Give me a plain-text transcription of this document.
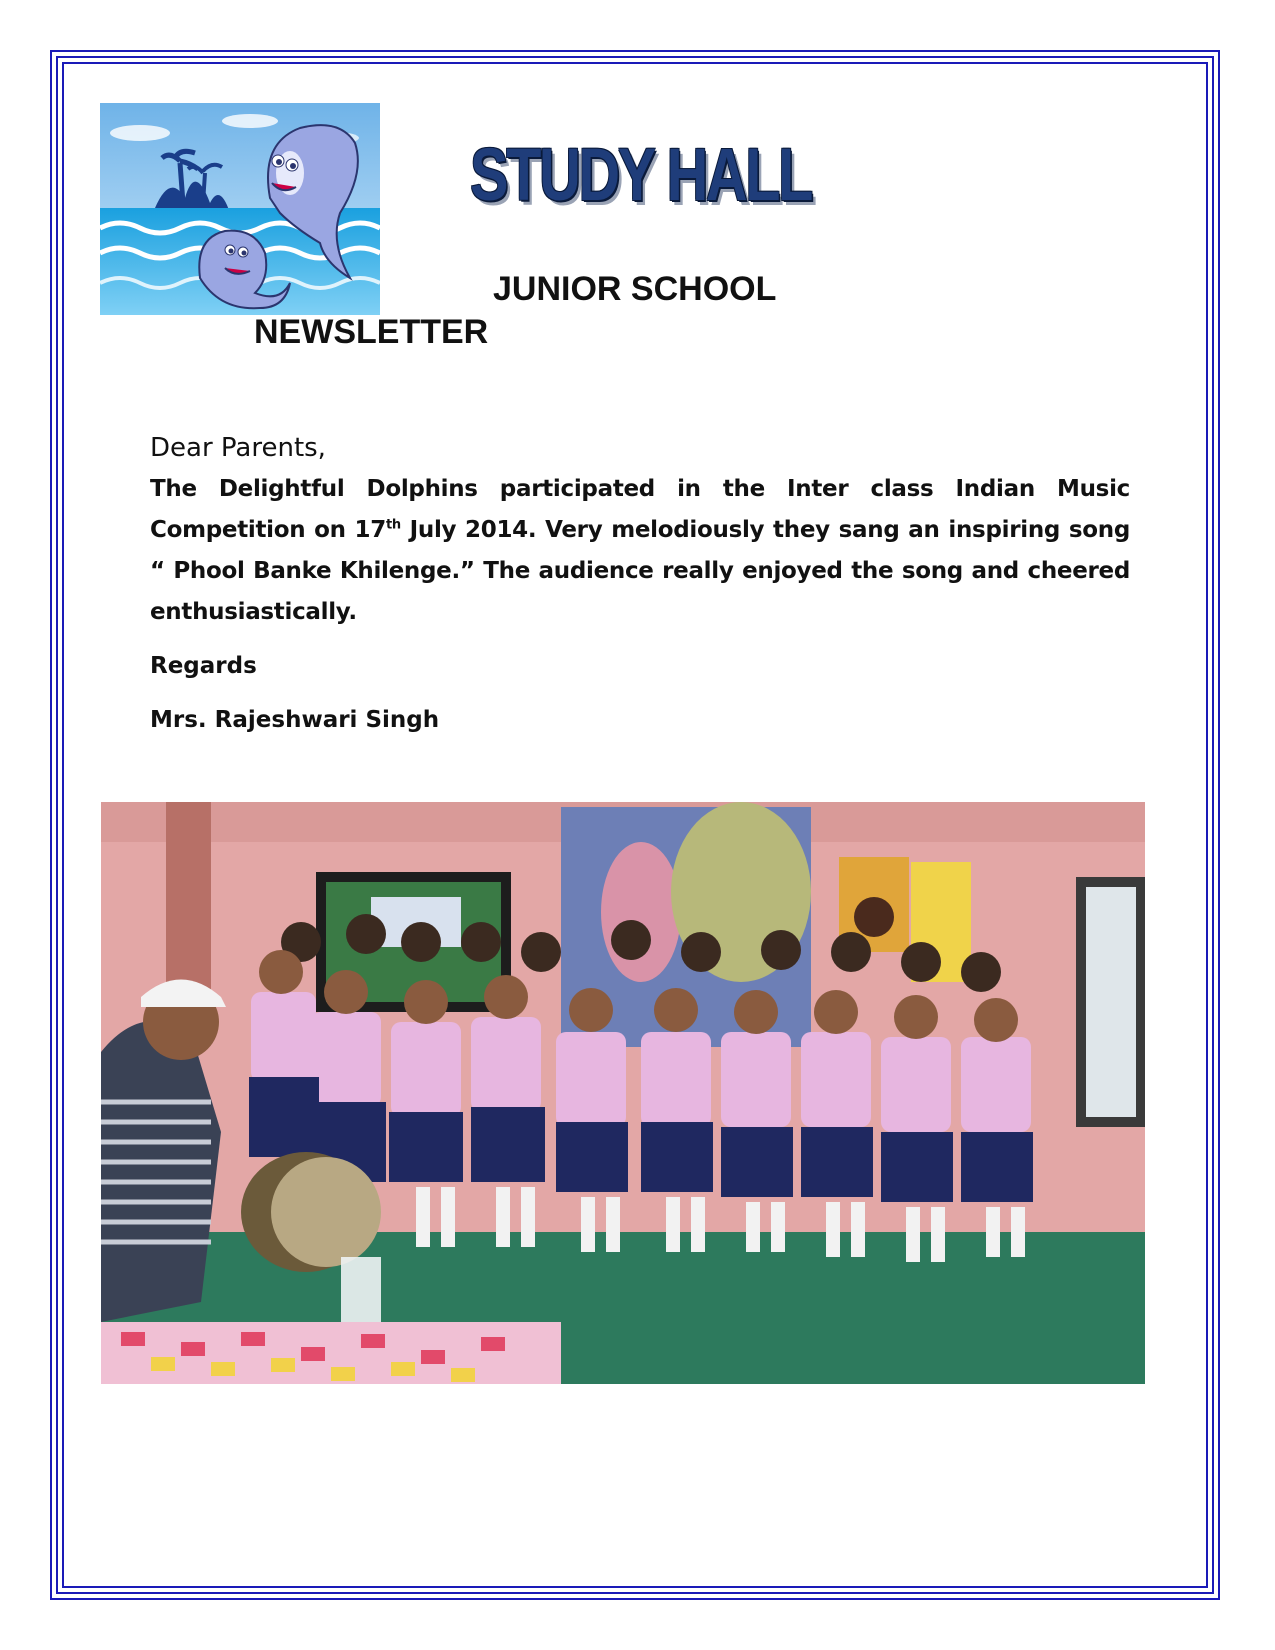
STUDY HALL
JUNIOR SCHOOL
NEWSLETTER

Dear Parents,

The Delightful Dolphins participated in the Inter class Indian Music Competition on 17th July 2014. Very melodiously they sang an inspiring song “ Phool Banke Khilenge.” The audience really enjoyed the song and cheered enthusiastically.

Regards

Mrs. Rajeshwari Singh
